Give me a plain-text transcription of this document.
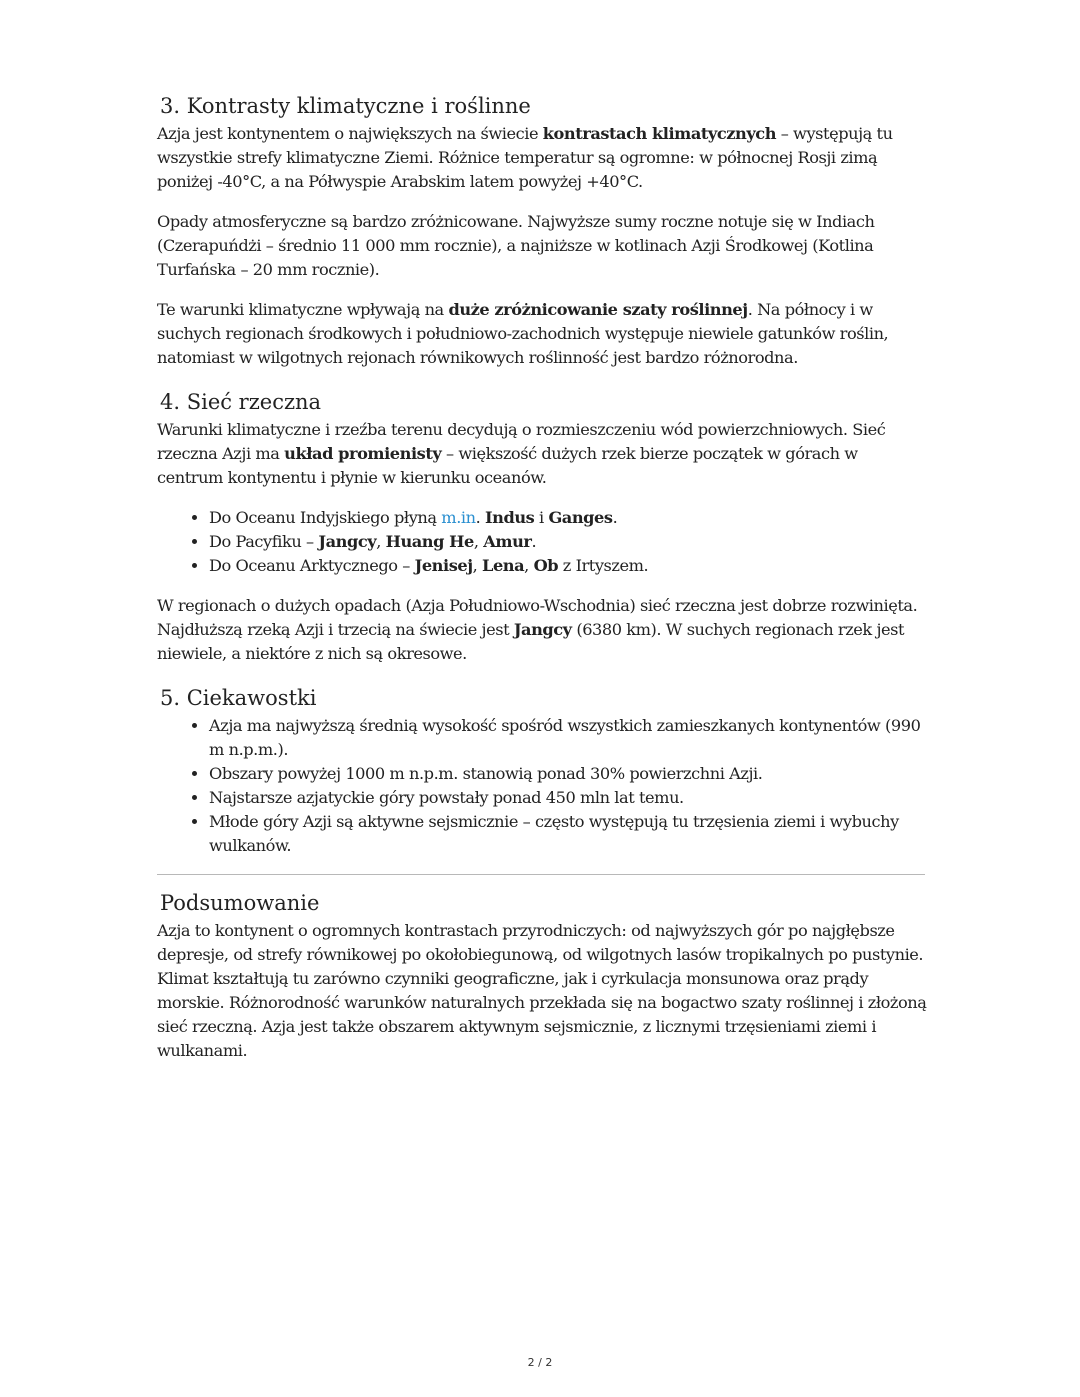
3. Kontrasty klimatyczne i roślinne

Azja jest kontynentem o największych na świecie kontrastach klimatycznych – występują tu wszystkie strefy klimatyczne Ziemi. Różnice temperatur są ogromne: w północnej Rosji zimą poniżej -40°C, a na Półwyspie Arabskim latem powyżej +40°C.

Opady atmosferyczne są bardzo zróżnicowane. Najwyższe sumy roczne notuje się w Indiach (Czerapuńdżi – średnio 11 000 mm rocznie), a najniższe w kotlinach Azji Środkowej (Kotlina Turfańska – 20 mm rocznie).

Te warunki klimatyczne wpływają na duże zróżnicowanie szaty roślinnej. Na północy i w suchych regionach środkowych i południowo-zachodnich występuje niewiele gatunków roślin, natomiast w wilgotnych rejonach równikowych roślinność jest bardzo różnorodna.

4. Sieć rzeczna

Warunki klimatyczne i rzeźba terenu decydują o rozmieszczeniu wód powierzchniowych. Sieć rzeczna Azji ma układ promienisty – większość dużych rzek bierze początek w górach w centrum kontynentu i płynie w kierunku oceanów.

• Do Oceanu Indyjskiego płyną m.in. Indus i Ganges.
• Do Pacyfiku – Jangcy, Huang He, Amur.
• Do Oceanu Arktycznego – Jenisej, Lena, Ob z Irtyszem.

W regionach o dużych opadach (Azja Południowo-Wschodnia) sieć rzeczna jest dobrze rozwinięta. Najdłuższą rzeką Azji i trzecią na świecie jest Jangcy (6380 km). W suchych regionach rzek jest niewiele, a niektóre z nich są okresowe.

5. Ciekawostki
• Azja ma najwyższą średnią wysokość spośród wszystkich zamieszkanych kontynentów (990 m n.p.m.).
• Obszary powyżej 1000 m n.p.m. stanowią ponad 30% powierzchni Azji.
• Najstarsze azjatyckie góry powstały ponad 450 mln lat temu.
• Młode góry Azji są aktywne sejsmicznie – często występują tu trzęsienia ziemi i wybuchy wulkanów.
Podsumowanie

Azja to kontynent o ogromnych kontrastach przyrodniczych: od najwyższych gór po najgłębsze depresje, od strefy równikowej po okołobiegunową, od wilgotnych lasów tropikalnych po pustynie. Klimat kształtują tu zarówno czynniki geograficzne, jak i cyrkulacja monsunowa oraz prądy morskie. Różnorodność warunków naturalnych przekłada się na bogactwo szaty roślinnej i złożoną sieć rzeczną. Azja jest także obszarem aktywnym sejsmicznie, z licznymi trzęsieniami ziemi i wulkanami.

2 / 2
